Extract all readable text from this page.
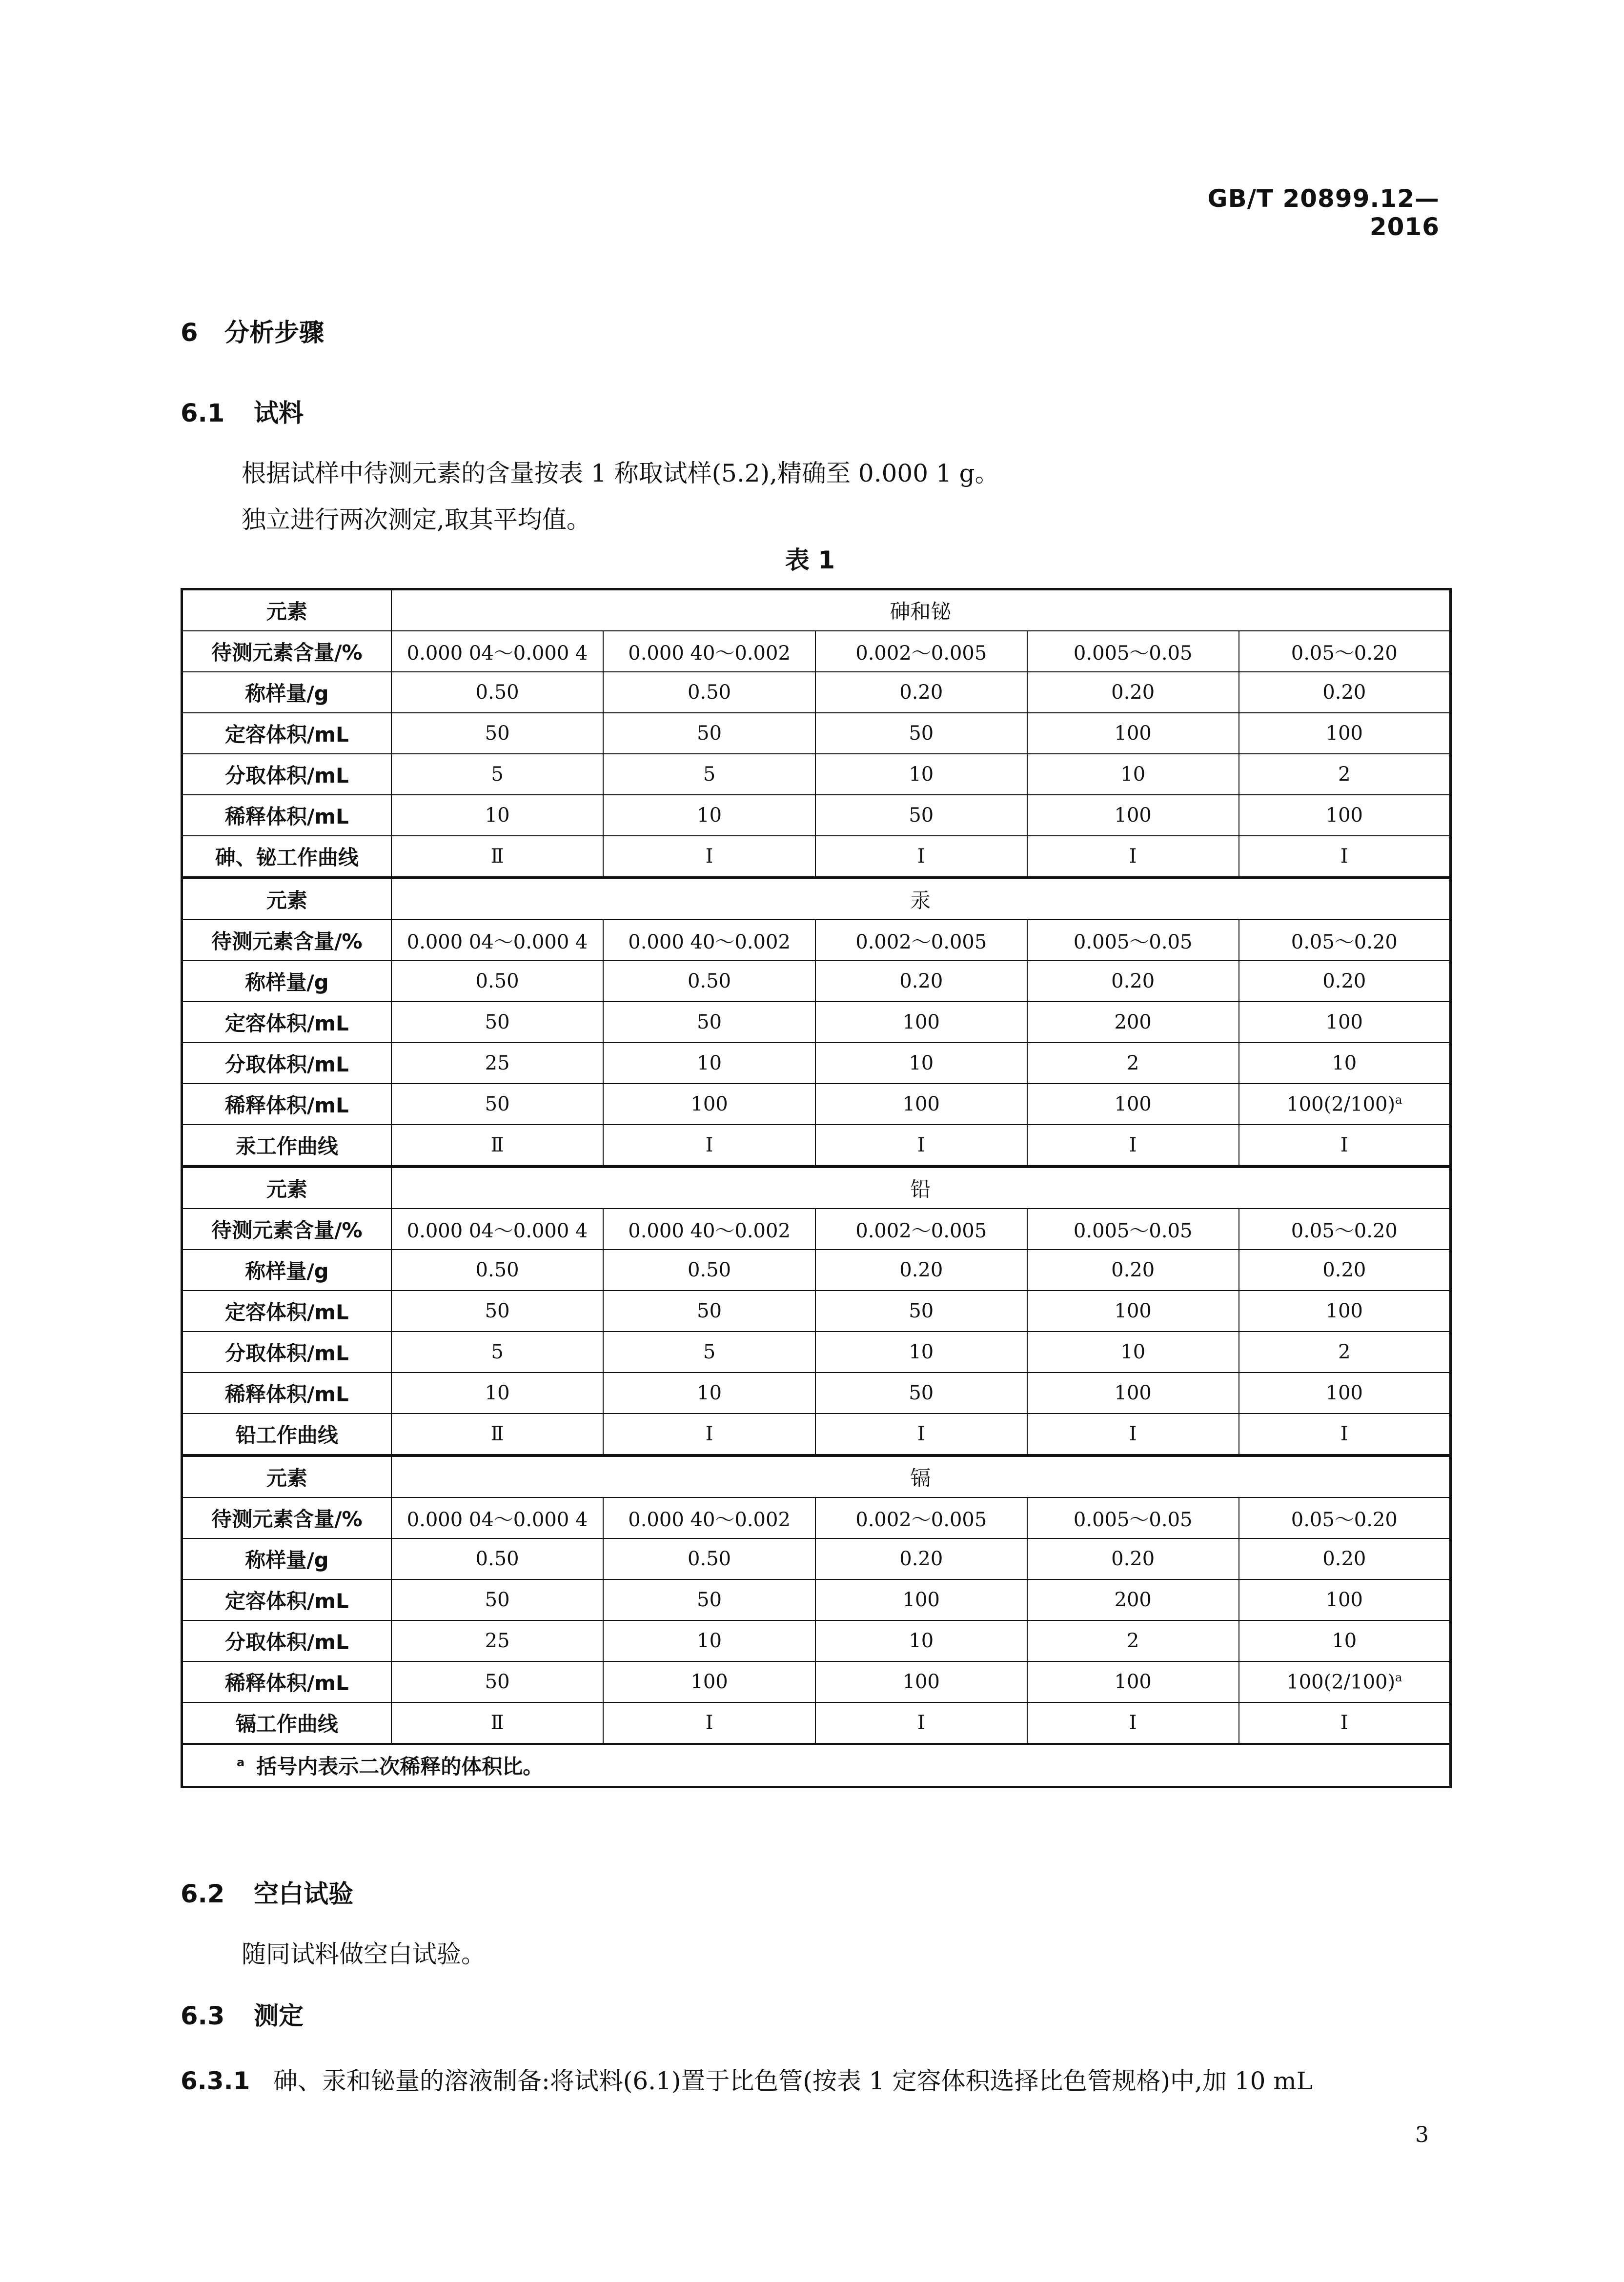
GB/T 20899.12—2016
6 分析步骤
6.1 试料
根据试样中待测元素的含量按表 1 称取试样(5.2),精确至 0.000 1 g。
独立进行两次测定,取其平均值。
表 1
元素	砷和铋				
待测元素含量/%	0.000 04～0.000 4	0.000 40～0.002	0.002～0.005	0.005～0.05	0.05～0.20
称样量/g	0.50	0.50	0.20	0.20	0.20
定容体积/mL	50	50	50	100	100
分取体积/mL	5	5	10	10	2
稀释体积/mL	10	10	50	100	100
砷、铋工作曲线	Ⅱ	Ⅰ	Ⅰ	Ⅰ	Ⅰ
元素	汞				
待测元素含量/%	0.000 04～0.000 4	0.000 40～0.002	0.002～0.005	0.005～0.05	0.05～0.20
称样量/g	0.50	0.50	0.20	0.20	0.20
定容体积/mL	50	50	100	200	100
分取体积/mL	25	10	10	2	10
稀释体积/mL	50	100	100	100	$100(2/100)^a$
汞工作曲线	Ⅱ	Ⅰ	Ⅰ	Ⅰ	Ⅰ
元素	铅				
待测元素含量/%	0.000 04～0.000 4	0.000 40～0.002	0.002～0.005	0.005～0.05	0.05～0.20
称样量/g	0.50	0.50	0.20	0.20	0.20
定容体积/mL	50	50	50	100	100
分取体积/mL	5	5	10	10	2
稀释体积/mL	10	10	50	100	100
铅工作曲线	Ⅱ	Ⅰ	Ⅰ	Ⅰ	Ⅰ
元素	镉				
待测元素含量/%	0.000 04～0.000 4	0.000 40～0.002	0.002～0.005	0.005～0.05	0.05～0.20
称样量/g	0.50	0.50	0.20	0.20	0.20
定容体积/mL	50	50	100	200	100
分取体积/mL	25	10	10	2	10
稀释体积/mL	50	100	100	100	$100(2/100)^a$
镉工作曲线	Ⅱ	Ⅰ	Ⅰ	Ⅰ	Ⅰ
$^a$ 括号内表示二次稀释的体积比。					
6.2 空白试验
随同试料做空白试验。
6.3 测定
6.3.1 砷、汞和铋量的溶液制备:将试料(6.1)置于比色管(按表 1 定容体积选择比色管规格)中,加 10 mL
3
